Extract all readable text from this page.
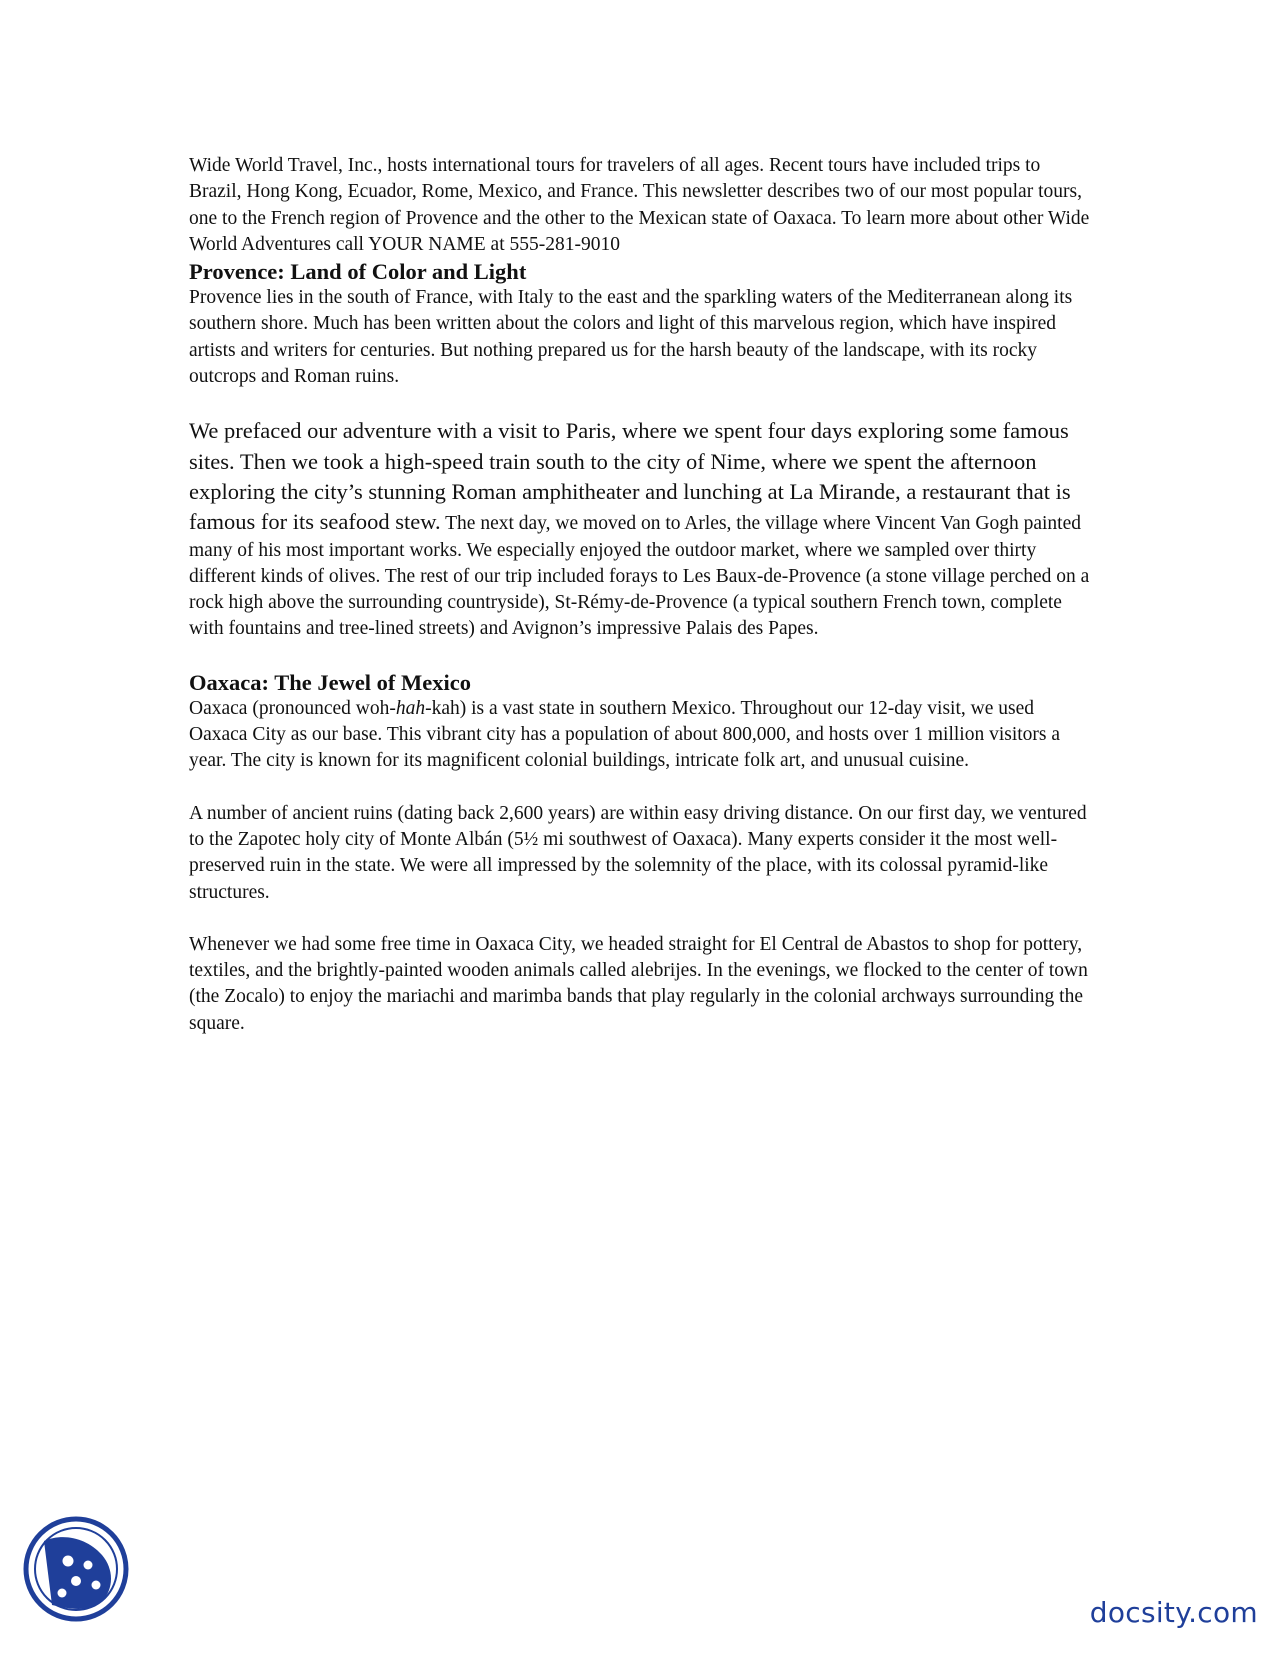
Wide World Travel, Inc., hosts international tours for travelers of all ages. Recent tours have included trips to Brazil, Hong Kong, Ecuador, Rome, Mexico, and France. This newsletter describes two of our most popular tours, one to the French region of Provence and the other to the Mexican state of Oaxaca. To learn more about other Wide World Adventures call YOUR NAME at 555-281-9010

Provence: Land of Color and Light

Provence lies in the south of France, with Italy to the east and the sparkling waters of the Mediterranean along its southern shore. Much has been written about the colors and light of this marvelous region, which have inspired artists and writers for centuries. But nothing prepared us for the harsh beauty of the landscape, with its rocky outcrops and Roman ruins.

We prefaced our adventure with a visit to Paris, where we spent four days exploring some famous sites. Then we took a high-speed train south to the city of Nime, where we spent the afternoon exploring the city’s stunning Roman amphitheater and lunching at La Mirande, a restaurant that is famous for its seafood stew. The next day, we moved on to Arles, the village where Vincent Van Gogh painted many of his most important works. We especially enjoyed the outdoor market, where we sampled over thirty different kinds of olives. The rest of our trip included forays to Les Baux-de-Provence (a stone village perched on a rock high above the surrounding countryside), St-Rémy-de-Provence (a typical southern French town, complete with fountains and tree-lined streets) and Avignon’s impressive Palais des Papes.

Oaxaca: The Jewel of Mexico

Oaxaca (pronounced woh-hah-kah) is a vast state in southern Mexico. Throughout our 12-day visit, we used Oaxaca City as our base. This vibrant city has a population of about 800,000, and hosts over 1 million visitors a year. The city is known for its magnificent colonial buildings, intricate folk art, and unusual cuisine.

A number of ancient ruins (dating back 2,600 years) are within easy driving distance. On our first day, we ventured to the Zapotec holy city of Monte Albán (5½ mi southwest of Oaxaca). Many experts consider it the most well-preserved ruin in the state. We were all impressed by the solemnity of the place, with its colossal pyramid-like structures.

Whenever we had some free time in Oaxaca City, we headed straight for El Central de Abastos to shop for pottery, textiles, and the brightly-painted wooden animals called alebrijes. In the evenings, we flocked to the center of town (the Zocalo) to enjoy the mariachi and marimba bands that play regularly in the colonial archways surrounding the square.

docsity.com
